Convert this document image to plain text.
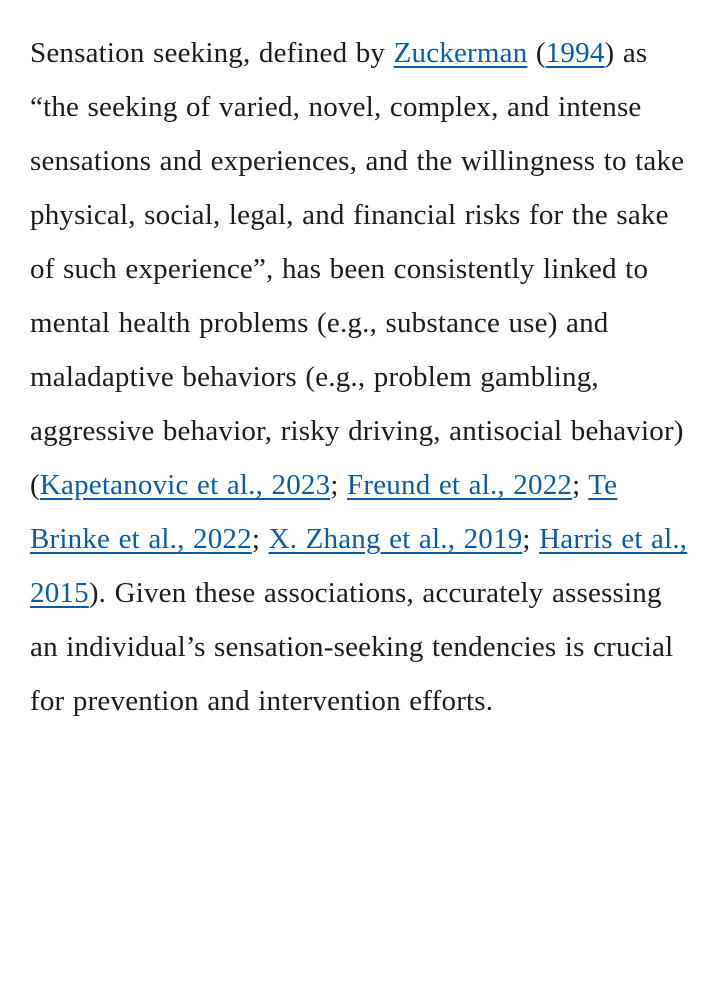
Sensation seeking, defined by Zuckerman (1994) as “the seeking of varied, novel, complex, and intense sensations and experiences, and the willingness to take physical, social, legal, and financial risks for the sake of such experience”, has been consistently linked to mental health problems (e.g., substance use) and maladaptive behaviors (e.g., problem gambling, aggressive behavior, risky driving, antisocial behavior) (Kapetanovic et al., 2023; Freund et al., 2022; Te Brinke et al., 2022; X. Zhang et al., 2019; Harris et al., 2015). Given these associations, accurately assessing an individual’s sensation-seeking tendencies is crucial for prevention and intervention efforts.
